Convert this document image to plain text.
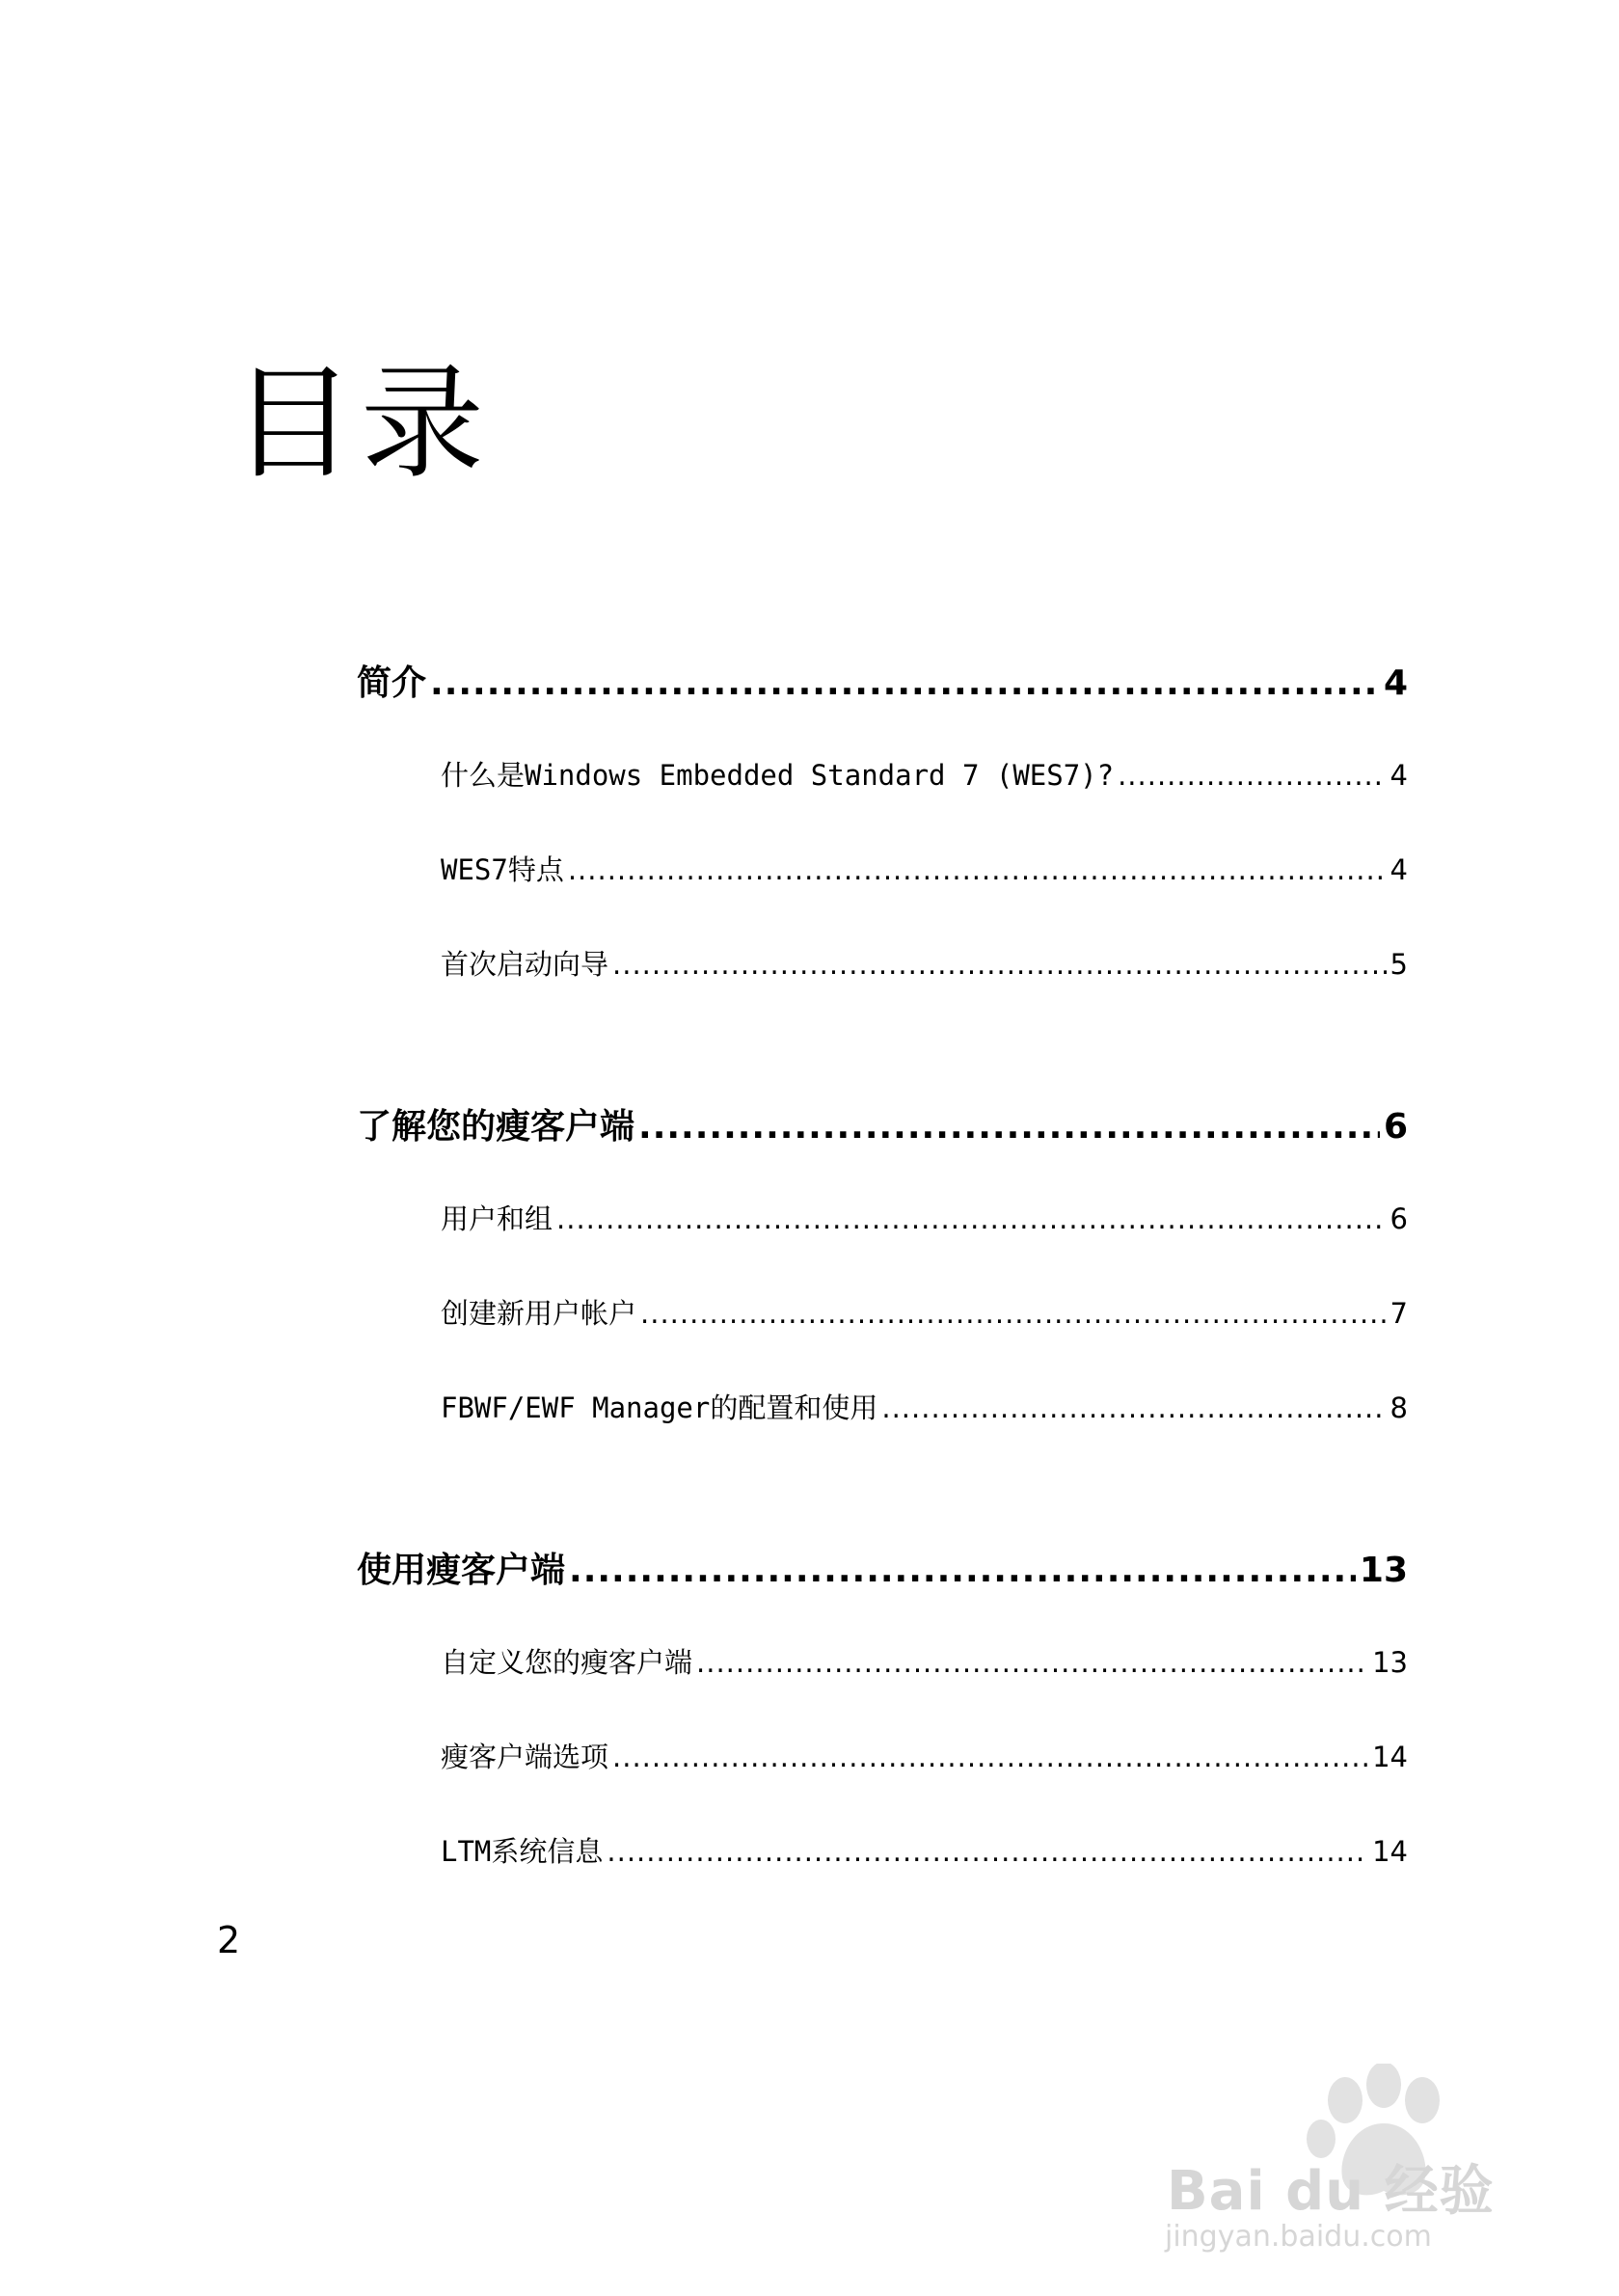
目录
简介 .....	4
什么是Windows Embedded Standard 7 (WES7)? .....	4
WES7特点 .....	4
首次启动向导 .....	5
了解您的瘦客户端 .....	6
用户和组 .....	6
创建新用户帐户 .....	7
FBWF/EWF Manager的配置和使用 .....	8
使用瘦客户端 .....	13
自定义您的瘦客户端 .....	13
瘦客户端选项 .....	14
LTM系统信息 .....	14
2
Bai du 经验
jingyan.baidu.com
